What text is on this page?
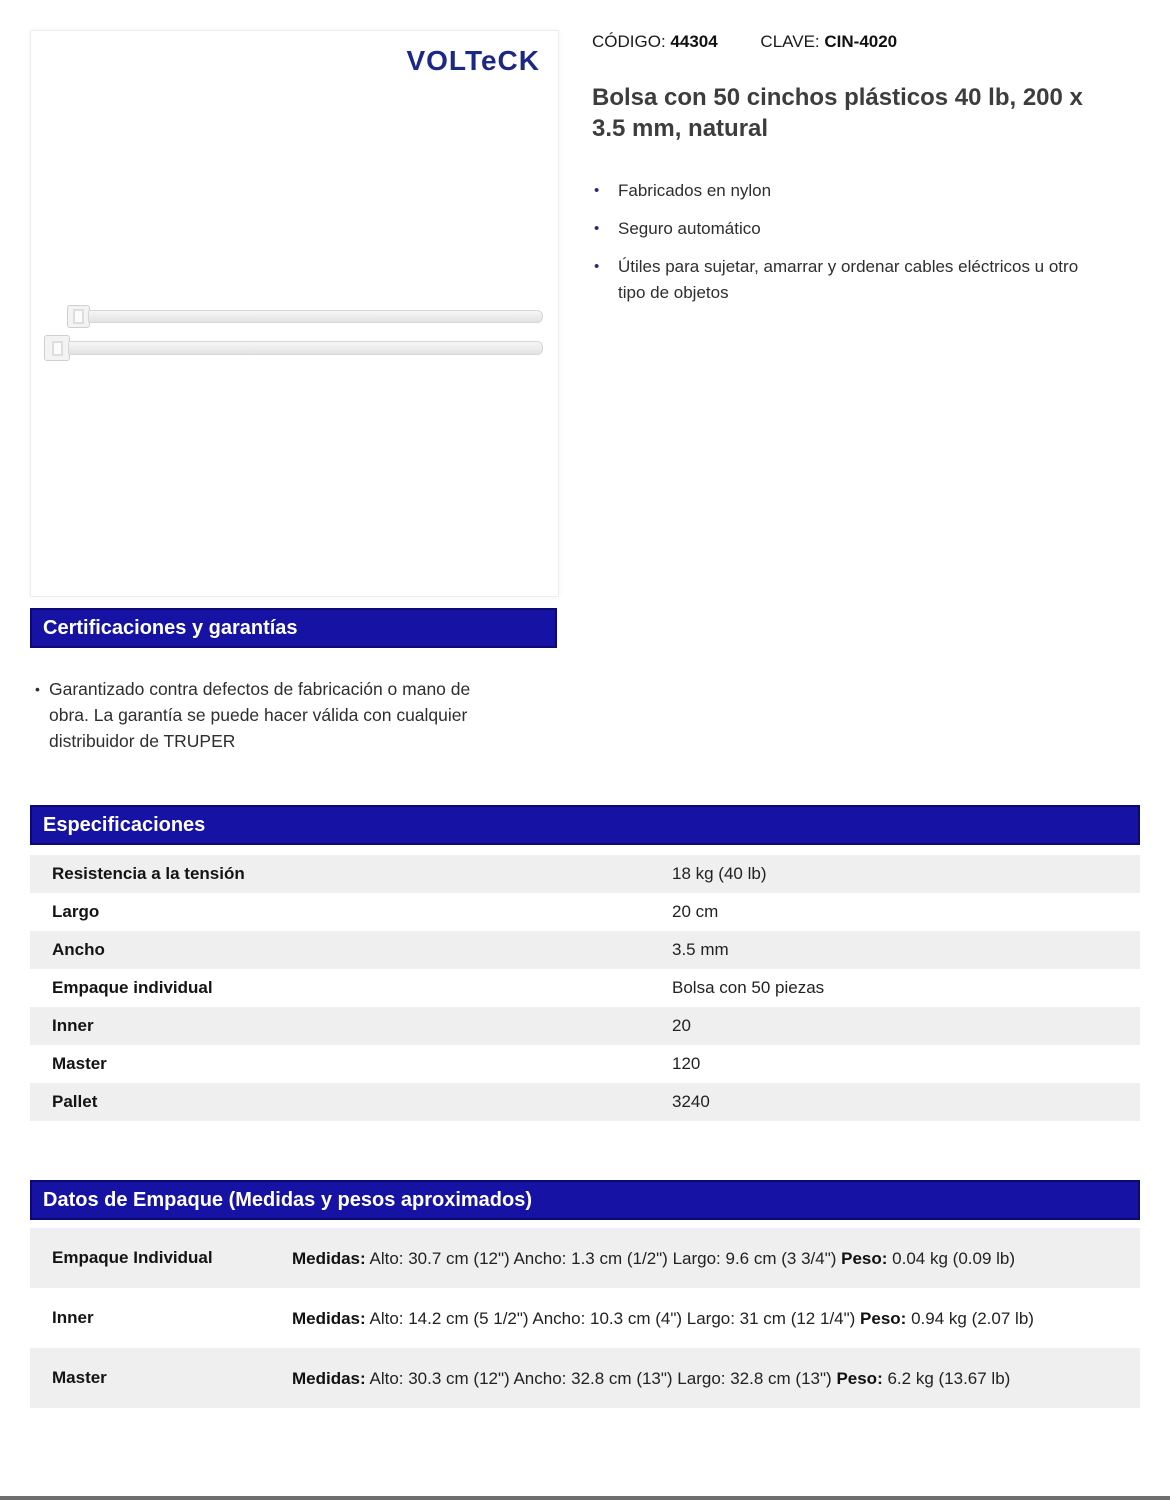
VOLTeCK
CÓDIGO: 44304	CLAVE: CIN-4020
Bolsa con 50 cinchos plásticos 40 lb, 200 x 3.5 mm, natural
•	Fabricados en nylon
•	Seguro automático
•	Útiles para sujetar, amarrar y ordenar cables eléctricos u otro tipo de objetos
Certificaciones y garantías
• Garantizado contra defectos de fabricación o mano de obra. La garantía se puede hacer válida con cualquier distribuidor de TRUPER
Especificaciones
Resistencia a la tensión	18 kg (40 lb)
Largo	20 cm
Ancho	3.5 mm
Empaque individual	Bolsa con 50 piezas
Inner	20
Master	120
Pallet	3240
Datos de Empaque (Medidas y pesos aproximados)
Empaque Individual	Medidas: Alto: 30.7 cm (12") Ancho: 1.3 cm (1/2") Largo: 9.6 cm (3 3/4") Peso: 0.04 kg (0.09 lb)
Inner	Medidas: Alto: 14.2 cm (5 1/2") Ancho: 10.3 cm (4") Largo: 31 cm (12 1/4") Peso: 0.94 kg (2.07 lb)
Master	Medidas: Alto: 30.3 cm (12") Ancho: 32.8 cm (13") Largo: 32.8 cm (13") Peso: 6.2 kg (13.67 lb)
